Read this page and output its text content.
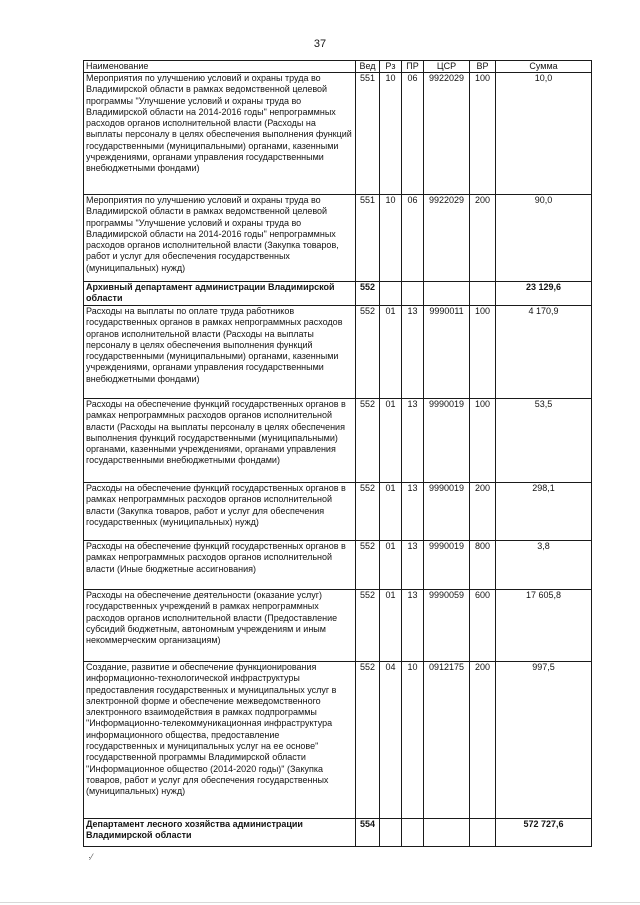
37
Наименование	Вед	Рз	ПР	ЦСР	ВР	Сумма
Мероприятия по улучшению условий и охраны труда во Владимирской области в рамках ведомственной целевой программы "Улучшение условий и охраны труда во Владимирской области на 2014-2016 годы" непрограммных расходов органов исполнительной власти (Расходы на выплаты персоналу в целях обеспечения выполнения функций государственными (муниципальными) органами, казенными учреждениями, органами управления государственными внебюджетными фондами)	551	10	06	9922029	100	10,0
Мероприятия по улучшению условий и охраны труда во Владимирской области в рамках ведомственной целевой программы "Улучшение условий и охраны труда во Владимирской области на 2014-2016 годы" непрограммных расходов органов исполнительной власти (Закупка товаров, работ и услуг для обеспечения государственных (муниципальных) нужд)	551	10	06	9922029	200	90,0
Архивный департамент администрации Владимирской области	552					23 129,6
Расходы на выплаты по оплате труда работников государственных органов в рамках непрограммных расходов органов исполнительной власти (Расходы на выплаты персоналу в целях обеспечения выполнения функций государственными (муниципальными) органами, казенными учреждениями, органами управления государственными внебюджетными фондами)	552	01	13	9990011	100	4 170,9
Расходы на обеспечение функций государственных органов в рамках непрограммных расходов органов исполнительной власти (Расходы на выплаты персоналу в целях обеспечения выполнения функций государственными (муниципальными) органами, казенными учреждениями, органами управления государственными внебюджетными фондами)	552	01	13	9990019	100	53,5
Расходы на обеспечение функций государственных органов в рамках непрограммных расходов органов исполнительной власти (Закупка товаров, работ и услуг для обеспечения государственных (муниципальных) нужд)	552	01	13	9990019	200	298,1
Расходы на обеспечение функций государственных органов в рамках непрограммных расходов органов исполнительной власти (Иные бюджетные ассигнования)	552	01	13	9990019	800	3,8
Расходы на обеспечение деятельности (оказание услуг) государственных учреждений в рамках непрограммных расходов органов исполнительной власти (Предоставление субсидий бюджетным, автономным учреждениям и иным некоммерческим организациям)	552	01	13	9990059	600	17 605,8
Создание, развитие и обеспечение функционирования информационно-технологической инфраструктуры предоставления государственных и муниципальных услуг в электронной форме и обеспечение межведомственного электронного взаимодействия в рамках подпрограммы "Информационно-телекоммуникационная инфраструктура информационного общества, предоставление государственных и муниципальных услуг на ее основе" государственной программы Владимирской области "Информационное общество (2014-2020 годы)" (Закупка товаров, работ и услуг для обеспечения государственных (муниципальных) нужд)	552	04	10	0912175	200	997,5
Департамент лесного хозяйства администрации Владимирской области	554					572 727,6
·⁄
